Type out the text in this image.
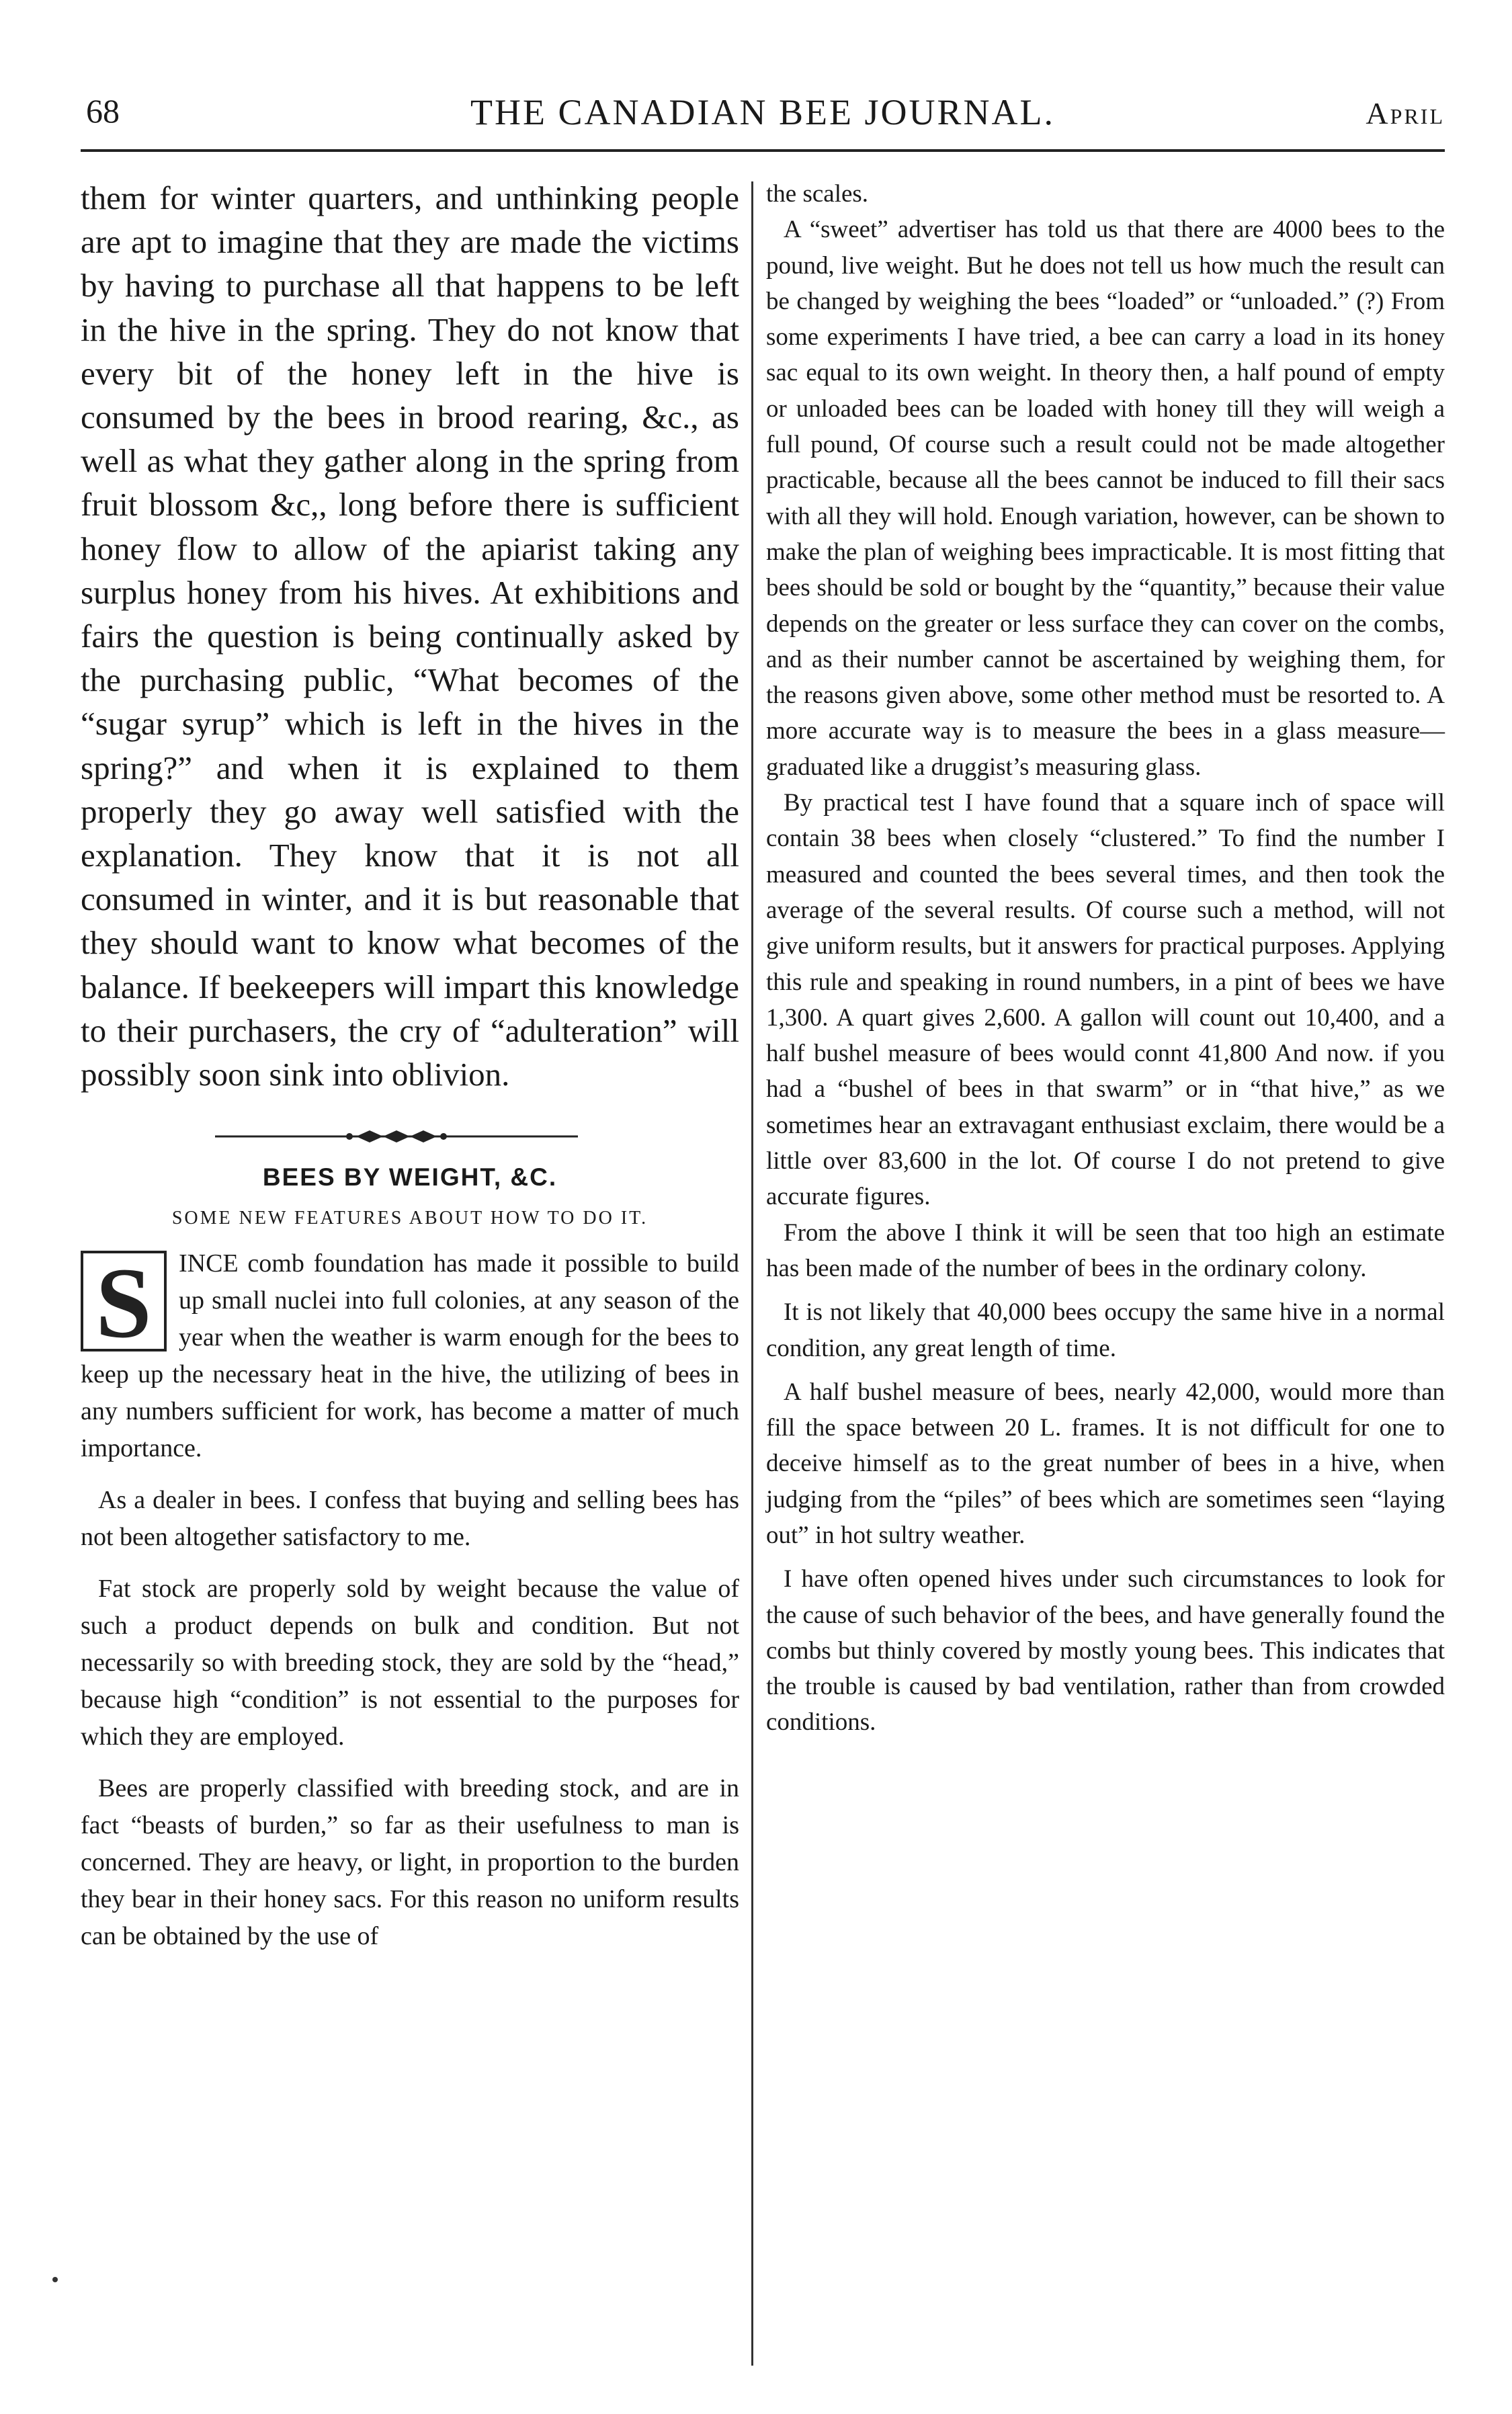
68	THE CANADIAN BEE JOURNAL.	April

them for winter quarters, and unthinking people are apt to imagine that they are made the victims by having to purchase all that happens to be left in the hive in the spring. They do not know that every bit of the honey left in the hive is consumed by the bees in brood rearing, &c., as well as what they gather along in the spring from fruit blossom &c,, long before there is sufficient honey flow to allow of the apiarist taking any surplus honey from his hives. At exhibitions and fairs the question is being continually asked by the purchasing public, “What becomes of the “sugar syrup” which is left in the hives in the spring?” and when it is explained to them properly they go away well satisfied with the explanation. They know that it is not all consumed in winter, and it is but reasonable that they should want to know what becomes of the balance. If beekeepers will impart this knowledge to their purchasers, the cry of “adulteration” will possibly soon sink into oblivion.

BEES BY WEIGHT, &C.
SOME NEW FEATURES ABOUT HOW TO DO IT.

S INCE comb foundation has made it possible to build up small nuclei into full colonies, at any season of the year when the weather is warm enough for the bees to keep up the necessary heat in the hive, the utilizing of bees in any numbers sufficient for work, has become a matter of much importance.

As a dealer in bees. I confess that buying and selling bees has not been altogether satisfactory to me.

Fat stock are properly sold by weight because the value of such a product depends on bulk and condition. But not necessarily so with breeding stock, they are sold by the “head,” because high “condition” is not essential to the purposes for which they are employed.

Bees are properly classified with breeding stock, and are in fact “beasts of burden,” so far as their usefulness to man is concerned. They are heavy, or light, in proportion to the burden they bear in their honey sacs. For this reason no uniform results can be obtained by the use of

the scales.

A “sweet” advertiser has told us that there are 4000 bees to the pound, live weight. But he does not tell us how much the result can be changed by weighing the bees “loaded” or “unloaded.” (?) From some experiments I have tried, a bee can carry a load in its honey sac equal to its own weight. In theory then, a half pound of empty or unloaded bees can be loaded with honey till they will weigh a full pound, Of course such a result could not be made altogether practicable, because all the bees cannot be induced to fill their sacs with all they will hold. Enough variation, however, can be shown to make the plan of weighing bees impracticable. It is most fitting that bees should be sold or bought by the “quantity,” because their value depends on the greater or less surface they can cover on the combs, and as their number cannot be ascertained by weighing them, for the reasons given above, some other method must be resorted to. A more accurate way is to measure the bees in a glass measure—graduated like a druggist’s measuring glass.

By practical test I have found that a square inch of space will contain 38 bees when closely “clustered.” To find the number I measured and counted the bees several times, and then took the average of the several results. Of course such a method, will not give uniform results, but it answers for practical purposes. Applying this rule and speaking in round numbers, in a pint of bees we have 1,300. A quart gives 2,600. A gallon will count out 10,400, and a half bushel measure of bees would connt 41,800 And now. if you had a “bushel of bees in that swarm” or in “that hive,” as we sometimes hear an extravagant enthusiast exclaim, there would be a little over 83,600 in the lot. Of course I do not pretend to give accurate figures.

From the above I think it will be seen that too high an estimate has been made of the number of bees in the ordinary colony.

It is not likely that 40,000 bees occupy the same hive in a normal condition, any great length of time.

A half bushel measure of bees, nearly 42,000, would more than fill the space between 20 L. frames. It is not difficult for one to deceive himself as to the great number of bees in a hive, when judging from the “piles” of bees which are sometimes seen “laying out” in hot sultry weather.

I have often opened hives under such circumstances to look for the cause of such behavior of the bees, and have generally found the combs but thinly covered by mostly young bees. This indicates that the trouble is caused by bad ventilation, rather than from crowded conditions.
